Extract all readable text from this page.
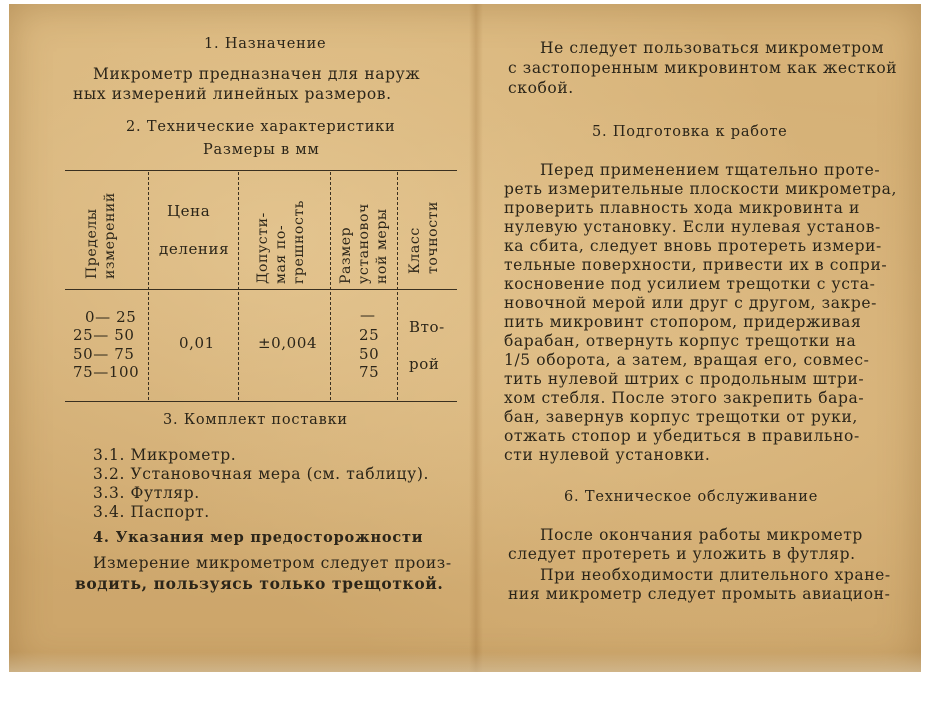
1. Назначение
Микрометр предназначен для наруж
ных измерений линейных размеров.
2. Технические характеристики
Размеры в мм
Пределы измерений	Цена
деления Допусти- мая по- грешность Размер установоч ной меры Класс точности
0— 25
25— 50
50— 75
75—100
0,01	±0,004
—
25
50
75
Вто-
рой
3. Комплект поставки
3.1. Микрометр.
3.2. Установочная мера (см. таблицу).
3.3. Футляр.
3.4. Паспорт.
4. Указания мер предосторожности
Измерение микрометром следует произ-
водить, пользуясь только трещоткой.
Не следует пользоваться микрометром
с застопоренным микровинтом как жесткой
скобой.
5. Подготовка к работе
Перед применением тщательно проте-
реть измерительные плоскости микрометра,
проверить плавность хода микровинта и
нулевую установку. Если нулевая установ-
ка сбита, следует вновь протереть измери-
тельные поверхности, привести их в сопри-
косновение под усилием трещотки с уста-
новочной мерой или друг с другом, закре-
пить микровинт стопором, придерживая
барабан, отвернуть корпус трещотки на
1/5 оборота, а затем, вращая его, совмес-
тить нулевой штрих с продольным штри-
хом стебля. После этого закрепить бара-
бан, завернув корпус трещотки от руки,
отжать стопор и убедиться в правильно-
сти нулевой установки.
6. Техническое обслуживание
После окончания работы микрометр
следует протереть и уложить в футляр.
При необходимости длительного хране-
ния микрометр следует промыть авиацион-
